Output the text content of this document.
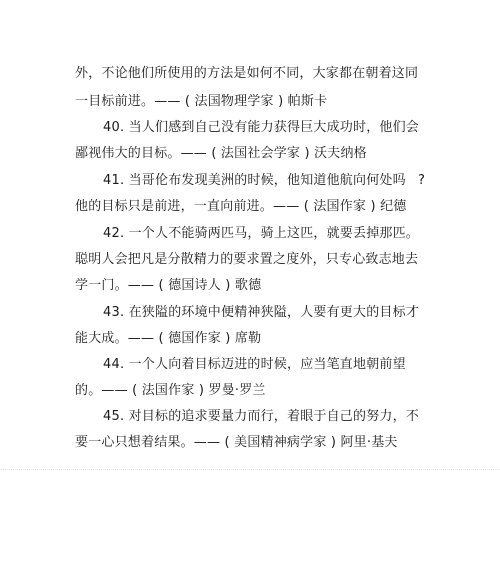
外，不论他们所使用的方法是如何不同，大家都在朝着这同
一目标前进。—— ( 法国物理学家 ) 帕斯卡
40. 当人们感到自己没有能力获得巨大成功时，他们会
鄙视伟大的目标。—— ( 法国社会学家 ) 沃夫纳格
41. 当哥伦布发现美洲的时候，他知道他航向何处吗 ?
他的目标只是前进，一直向前进。—— ( 法国作家 ) 纪德
42. 一个人不能骑两匹马，骑上这匹，就要丢掉那匹。
聪明人会把凡是分散精力的要求置之度外，只专心致志地去
学一门。—— ( 德国诗人 ) 歌德
43. 在狭隘的环境中便精神狭隘，人要有更大的目标才
能大成。—— ( 德国作家 ) 席勒
44. 一个人向着目标迈进的时候，应当笔直地朝前望
的。—— ( 法国作家 ) 罗曼·罗兰
45. 对目标的追求要量力而行，着眼于自己的努力，不
要一心只想着结果。—— ( 美国精神病学家 ) 阿里·基夫
